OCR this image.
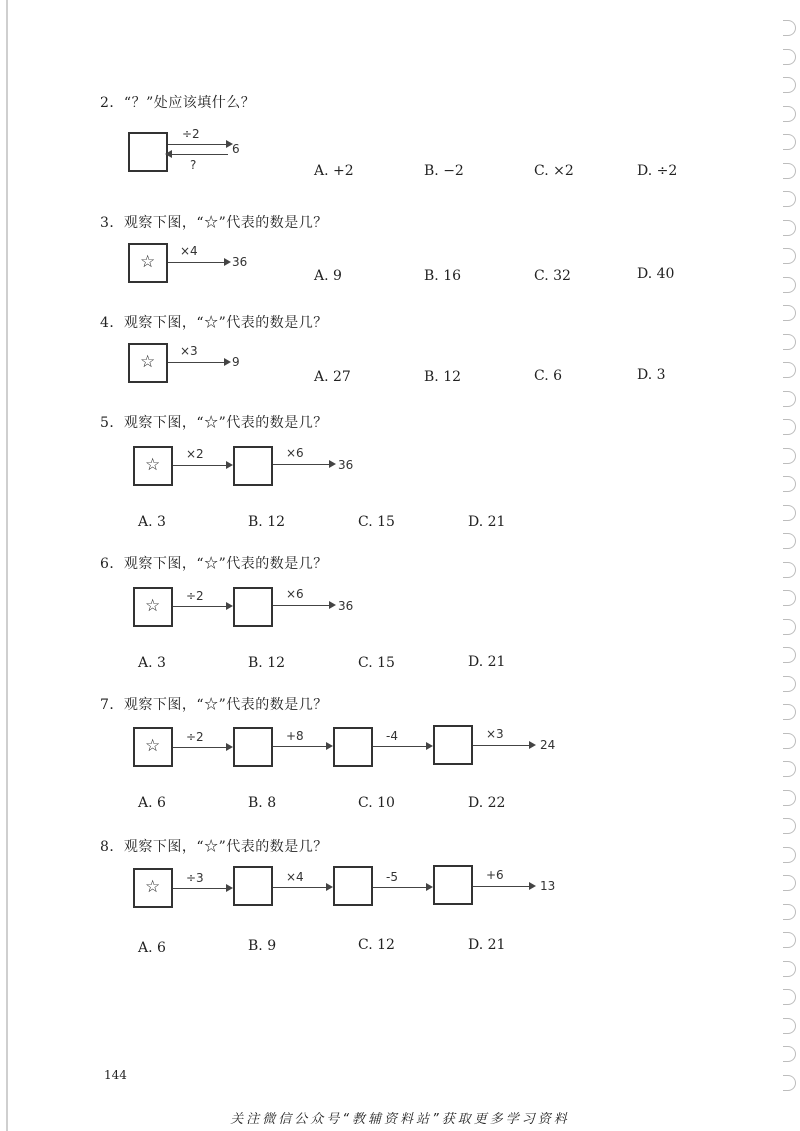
2．“？”处应该填什么？
÷2
6
?	A. +2	B. −2	C. ×2	D. ÷2
3．观察下图，“☆”代表的数是几？
☆
×4
36
A. 9	B. 16	C. 32	D. 40
4．观察下图，“☆”代表的数是几？
☆
×3
9
A. 27	B. 12	C. 6	D. 3
5．观察下图，“☆”代表的数是几？
☆
×2	×6
36
A. 3	B. 12	C. 15	D. 21
6．观察下图，“☆”代表的数是几？
☆ ÷2	×6
36
A. 3	B. 12	C. 15	D. 21
7．观察下图，“☆”代表的数是几？
☆ ÷2	+8	-4	×3
24
A. 6	B. 8	C. 10	D. 22
8．观察下图，“☆”代表的数是几？
☆ ÷3	×4	-5	+6
13
A. 6	B. 9	C. 12	D. 21
144
关注微信公众号“教辅资料站”获取更多学习资料
